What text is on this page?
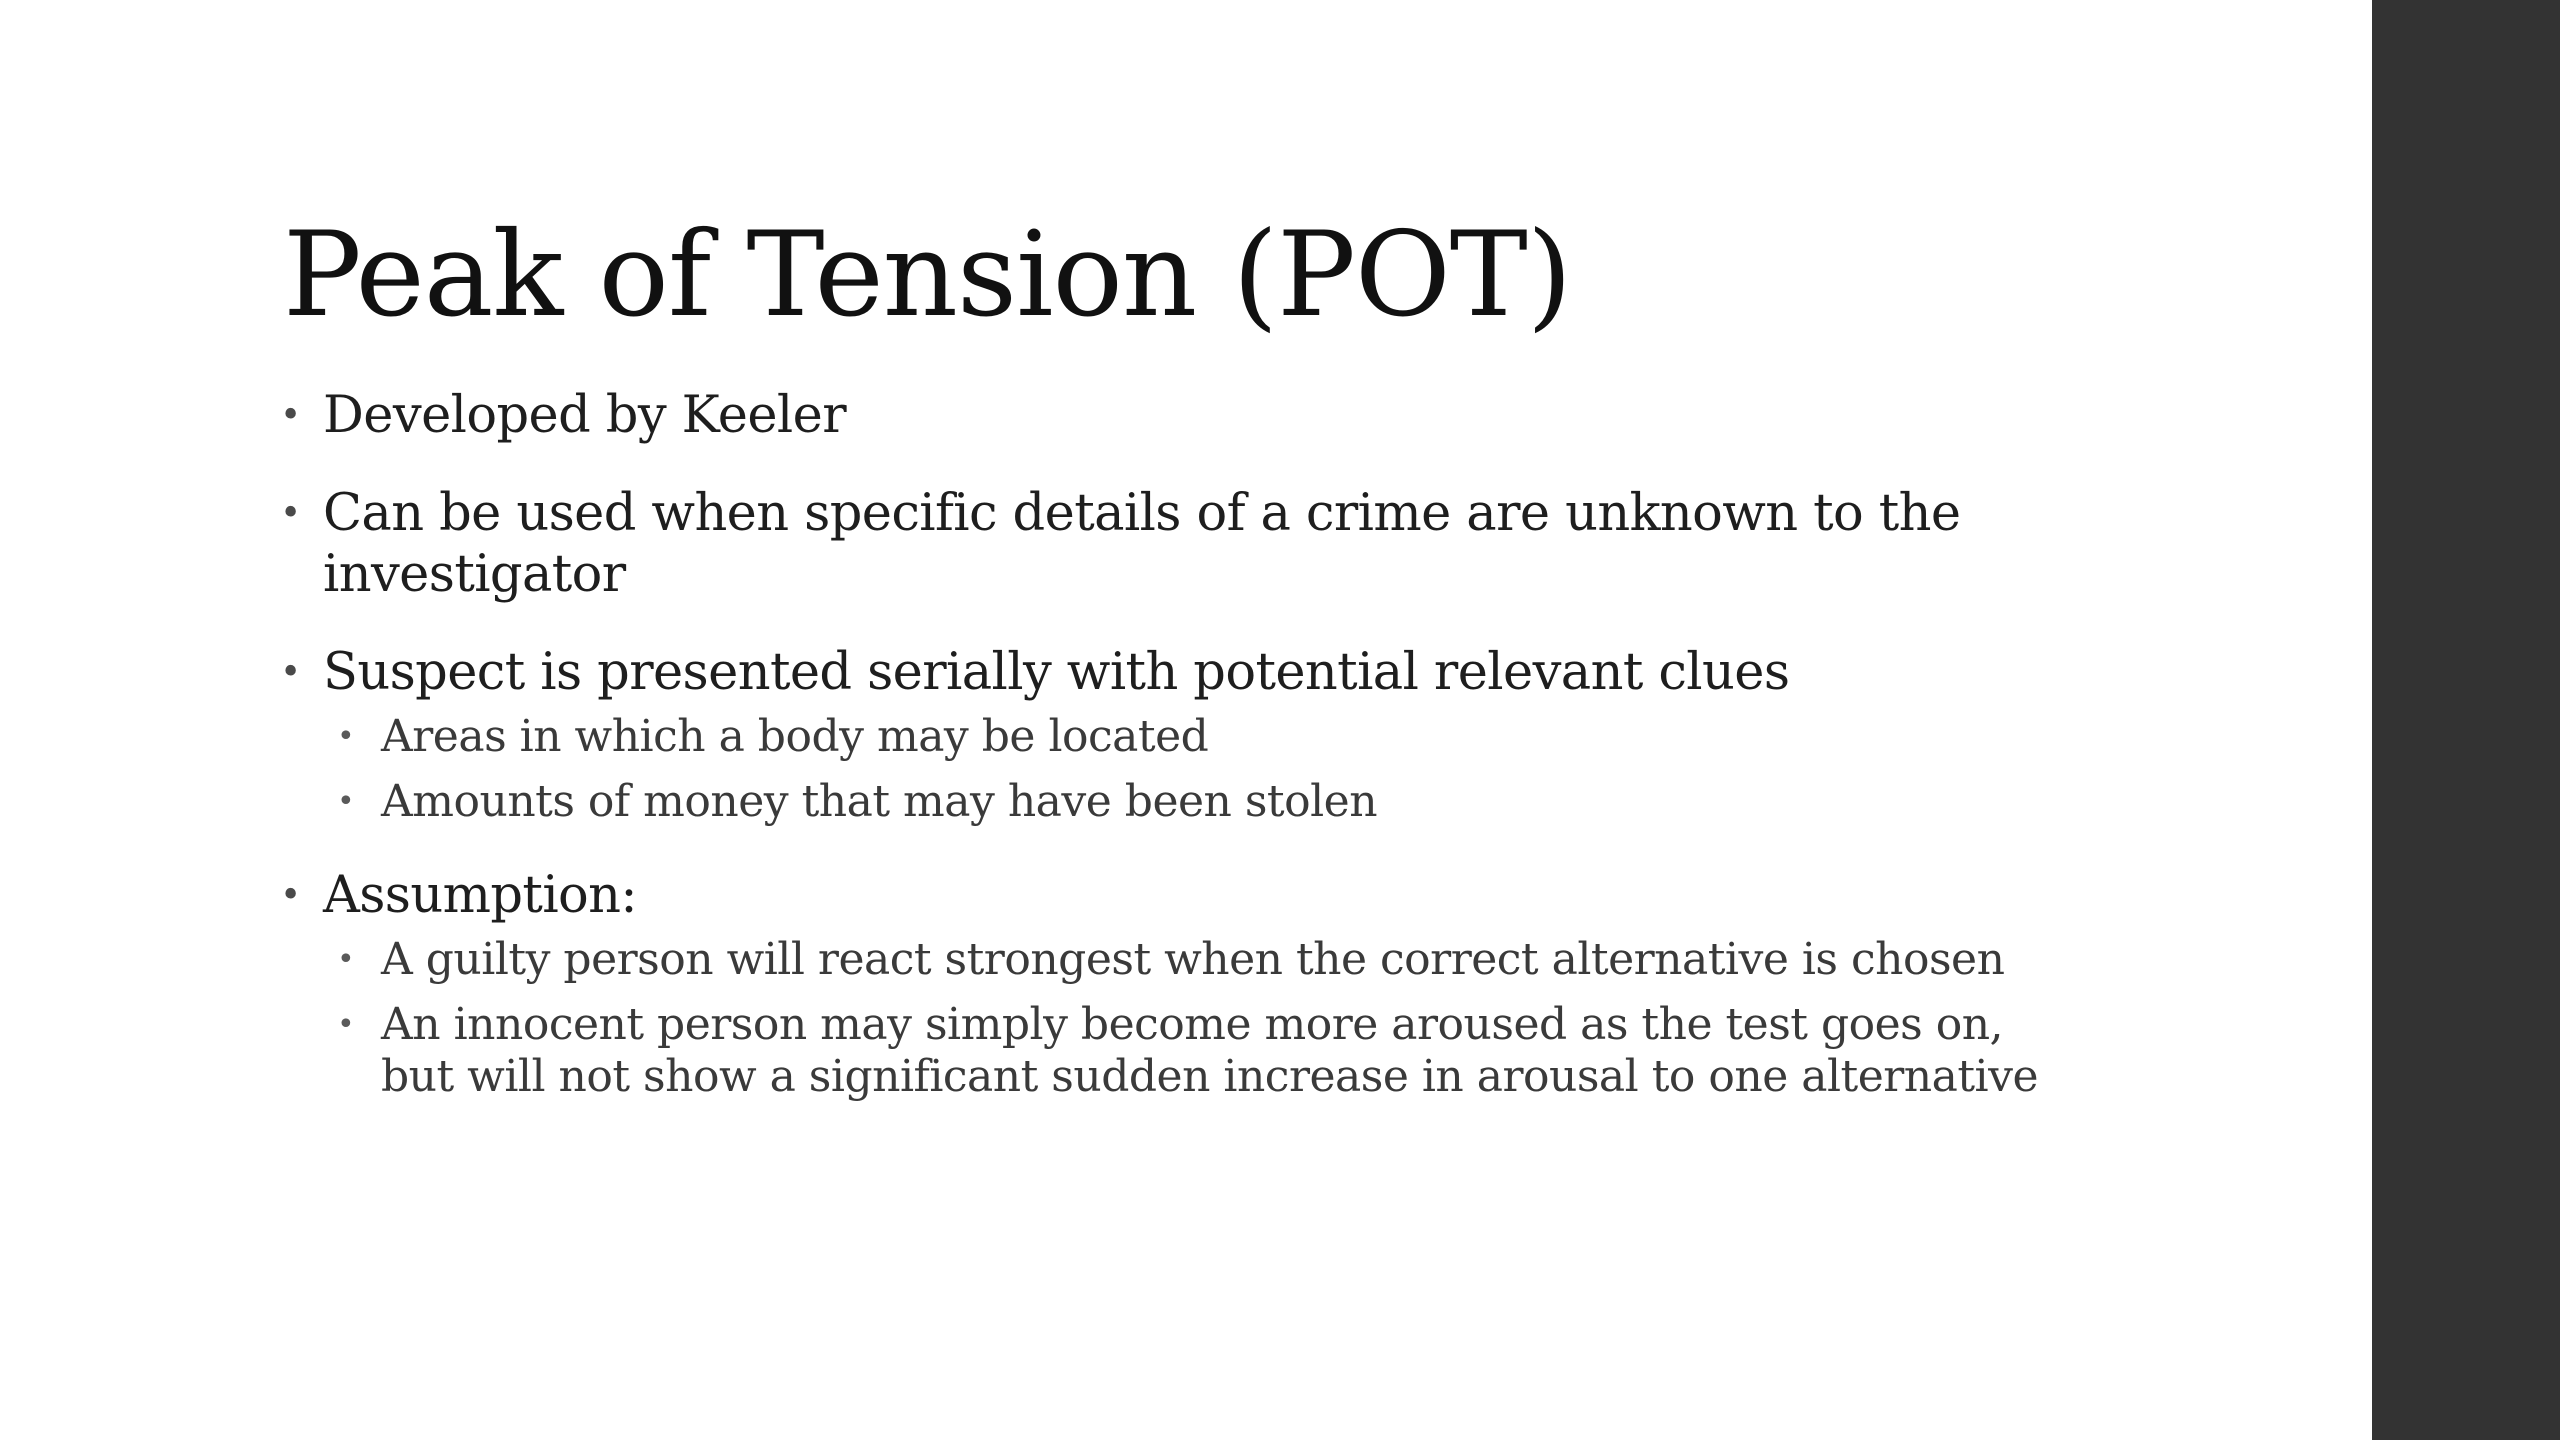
Peak of Tension (POT)
• Developed by Keeler
• Can be used when specific details of a crime are unknown to the investigator
• Suspect is presented serially with potential relevant clues
• Areas in which a body may be located
• Amounts of money that may have been stolen
• Assumption:
• A guilty person will react strongest when the correct alternative is chosen
• An innocent person may simply become more aroused as the test goes on, but will not show a significant sudden increase in arousal to one alternative
